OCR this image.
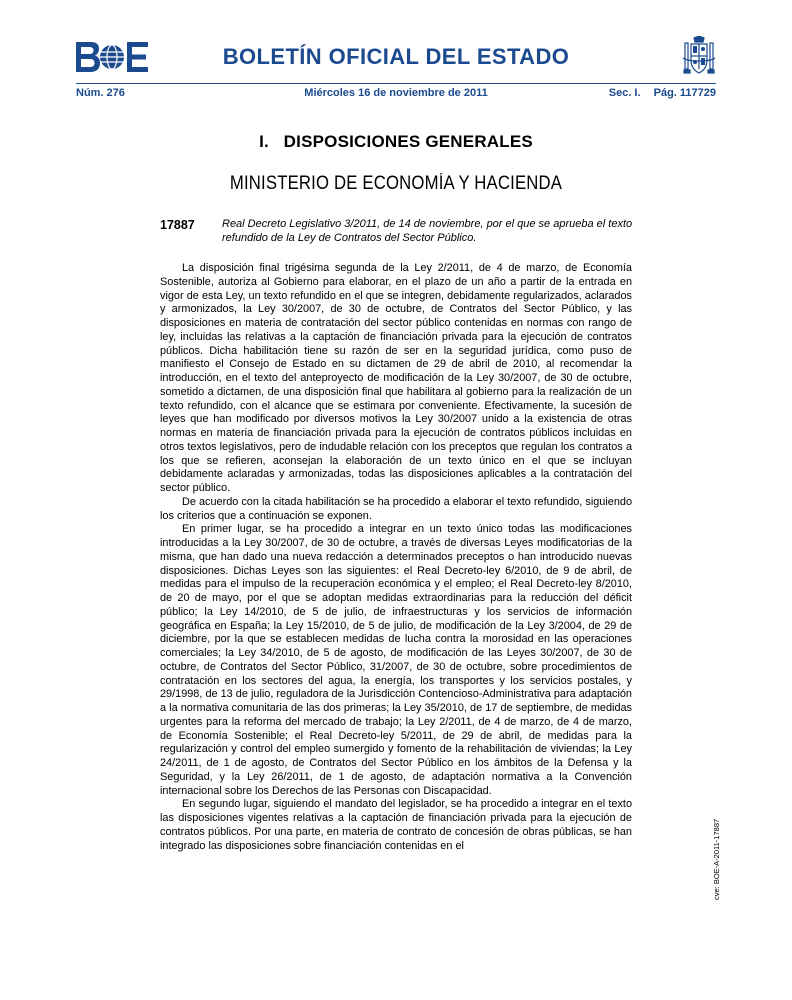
BOLETÍN OFICIAL DEL ESTADO
Núm. 276	Miércoles 16 de noviembre de 2011	Sec. I. Pág. 117729
I.   DISPOSICIONES GENERALES
MINISTERIO DE ECONOMÍA Y HACIENDA
17887 Real Decreto Legislativo 3/2011, de 14 de noviembre, por el que se aprueba el texto refundido de la Ley de Contratos del Sector Público.

La disposición final trigésima segunda de la Ley 2/2011, de 4 de marzo, de Economía Sostenible, autoriza al Gobierno para elaborar, en el plazo de un año a partir de la entrada en vigor de esta Ley, un texto refundido en el que se integren, debidamente regularizados, aclarados y armonizados, la Ley 30/2007, de 30 de octubre, de Contratos del Sector Público, y las disposiciones en materia de contratación del sector público contenidas en normas con rango de ley, incluidas las relativas a la captación de financiación privada para la ejecución de contratos públicos. Dicha habilitación tiene su razón de ser en la seguridad jurídica, como puso de manifiesto el Consejo de Estado en su dictamen de 29 de abril de 2010, al recomendar la introducción, en el texto del anteproyecto de modificación de la Ley 30/2007, de 30 de octubre, sometido a dictamen, de una disposición final que habilitara al gobierno para la realización de un texto refundido, con el alcance que se estimara por conveniente. Efectivamente, la sucesión de leyes que han modificado por diversos motivos la Ley 30/2007 unido a la existencia de otras normas en materia de financiación privada para la ejecución de contratos públicos incluidas en otros textos legislativos, pero de indudable relación con los preceptos que regulan los contratos a los que se refieren, aconsejan la elaboración de un texto único en el que se incluyan debidamente aclaradas y armonizadas, todas las disposiciones aplicables a la contratación del sector público.

De acuerdo con la citada habilitación se ha procedido a elaborar el texto refundido, siguiendo los criterios que a continuación se exponen.

En primer lugar, se ha procedido a integrar en un texto único todas las modificaciones introducidas a la Ley 30/2007, de 30 de octubre, a través de diversas Leyes modificatorias de la misma, que han dado una nueva redacción a determinados preceptos o han introducido nuevas disposiciones. Dichas Leyes son las siguientes: el Real Decreto-ley 6/2010, de 9 de abril, de medidas para el impulso de la recuperación económica y el empleo; el Real Decreto-ley 8/2010, de 20 de mayo, por el que se adoptan medidas extraordinarias para la reducción del déficit público; la Ley 14/2010, de 5 de julio, de infraestructuras y los servicios de información geográfica en España; la Ley 15/2010, de 5 de julio, de modificación de la Ley 3/2004, de 29 de diciembre, por la que se establecen medidas de lucha contra la morosidad en las operaciones comerciales; la Ley 34/2010, de 5 de agosto, de modificación de las Leyes 30/2007, de 30 de octubre, de Contratos del Sector Público, 31/2007, de 30 de octubre, sobre procedimientos de contratación en los sectores del agua, la energía, los transportes y los servicios postales, y 29/1998, de 13 de julio, reguladora de la Jurisdicción Contencioso-Administrativa para adaptación a la normativa comunitaria de las dos primeras; la Ley 35/2010, de 17 de septiembre, de medidas urgentes para la reforma del mercado de trabajo; la Ley 2/2011, de 4 de marzo, de 4 de marzo, de Economía Sostenible; el Real Decreto-ley 5/2011, de 29 de abril, de medidas para la regularización y control del empleo sumergido y fomento de la rehabilitación de viviendas; la Ley 24/2011, de 1 de agosto, de Contratos del Sector Público en los ámbitos de la Defensa y la Seguridad, y la Ley 26/2011, de 1 de agosto, de adaptación normativa a la Convención internacional sobre los Derechos de las Personas con Discapacidad.

En segundo lugar, siguiendo el mandato del legislador, se ha procedido a integrar en el texto las disposiciones vigentes relativas a la captación de financiación privada para la ejecución de contratos públicos. Por una parte, en materia de contrato de concesión de obras públicas, se han integrado las disposiciones sobre financiación contenidas en el	cve: BOE-A-2011-17887
